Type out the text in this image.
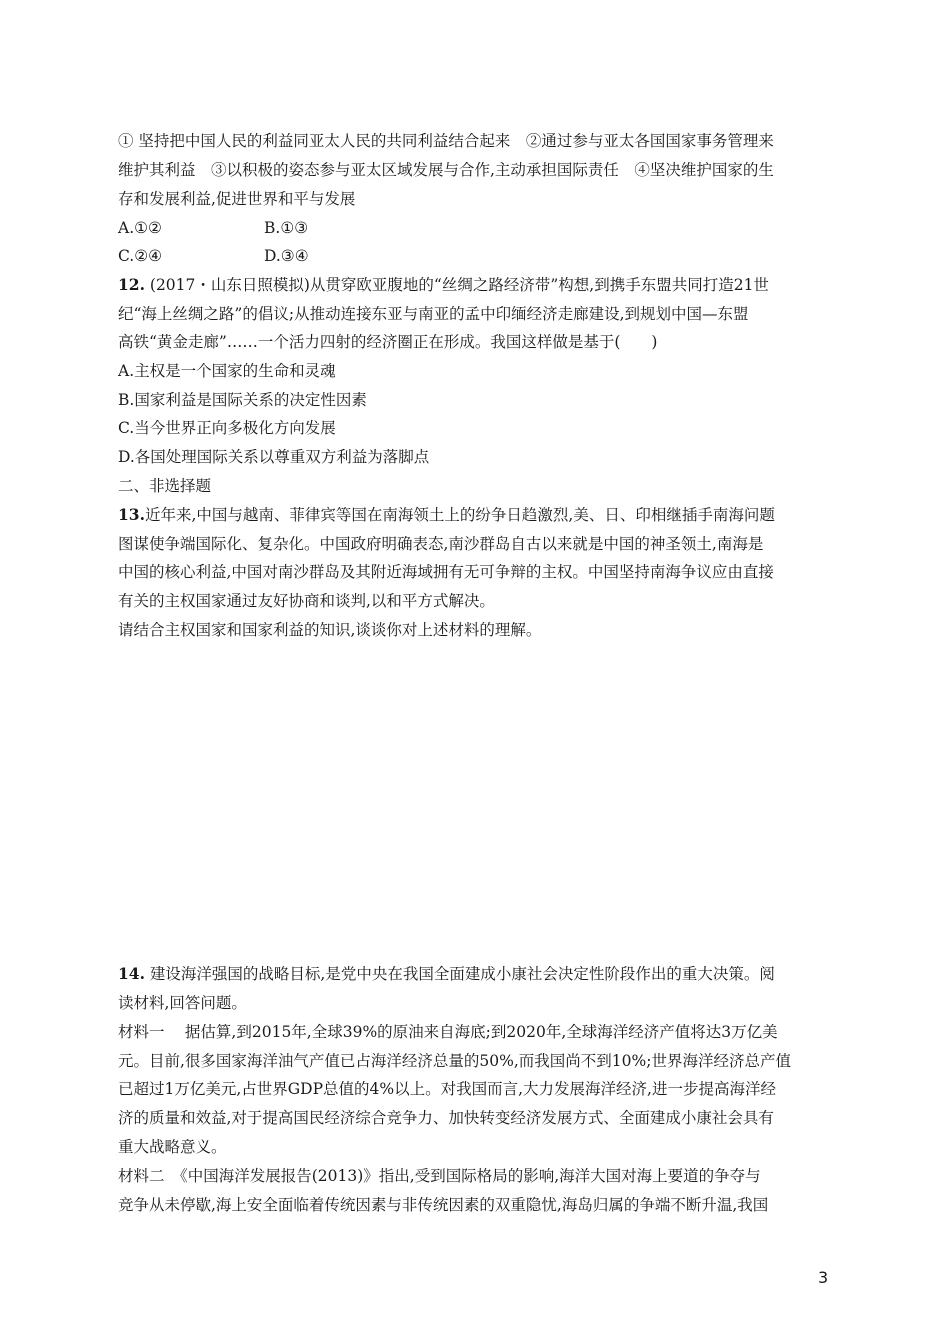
① 坚持把中国人民的利益同亚太人民的共同利益结合起来　②通过参与亚太各国国家事务管理来
维护其利益　③以积极的姿态参与亚太区域发展与合作,主动承担国际责任　④坚决维护国家的生
存和发展利益,促进世界和平与发展
A.①②	B.①③
C.②④	D.③④
12. (2017・山东日照模拟)从贯穿欧亚腹地的“丝绸之路经济带”构想,到携手东盟共同打造21世
纪“海上丝绸之路”的倡议;从推动连接东亚与南亚的孟中印缅经济走廊建设,到规划中国—东盟
高铁“黄金走廊”……一个活力四射的经济圈正在形成。我国这样做是基于(　　)
A.主权是一个国家的生命和灵魂
B.国家利益是国际关系的决定性因素
C.当今世界正向多极化方向发展
D.各国处理国际关系以尊重双方利益为落脚点
二、非选择题
13.近年来,中国与越南、菲律宾等国在南海领土上的纷争日趋激烈,美、日、印相继插手南海问题
图谋使争端国际化、复杂化。中国政府明确表态,南沙群岛自古以来就是中国的神圣领土,南海是
中国的核心利益,中国对南沙群岛及其附近海域拥有无可争辩的主权。中国坚持南海争议应由直接
有关的主权国家通过友好协商和谈判,以和平方式解决。
请结合主权国家和国家利益的知识,谈谈你对上述材料的理解。
14. 建设海洋强国的战略目标,是党中央在我国全面建成小康社会决定性阶段作出的重大决策。阅
读材料,回答问题。
材料一　 据估算,到2015年,全球39%的原油来自海底;到2020年,全球海洋经济产值将达3万亿美
元。目前,很多国家海洋油气产值已占海洋经济总量的50%,而我国尚不到10%;世界海洋经济总产值
已超过1万亿美元,占世界GDP总值的4%以上。对我国而言,大力发展海洋经济,进一步提高海洋经
济的质量和效益,对于提高国民经济综合竞争力、加快转变经济发展方式、全面建成小康社会具有
重大战略意义。
材料二　《中国海洋发展报告(2013)》指出,受到国际格局的影响,海洋大国对海上要道的争夺与
竞争从未停歇,海上安全面临着传统因素与非传统因素的双重隐忧,海岛归属的争端不断升温,我国
3
